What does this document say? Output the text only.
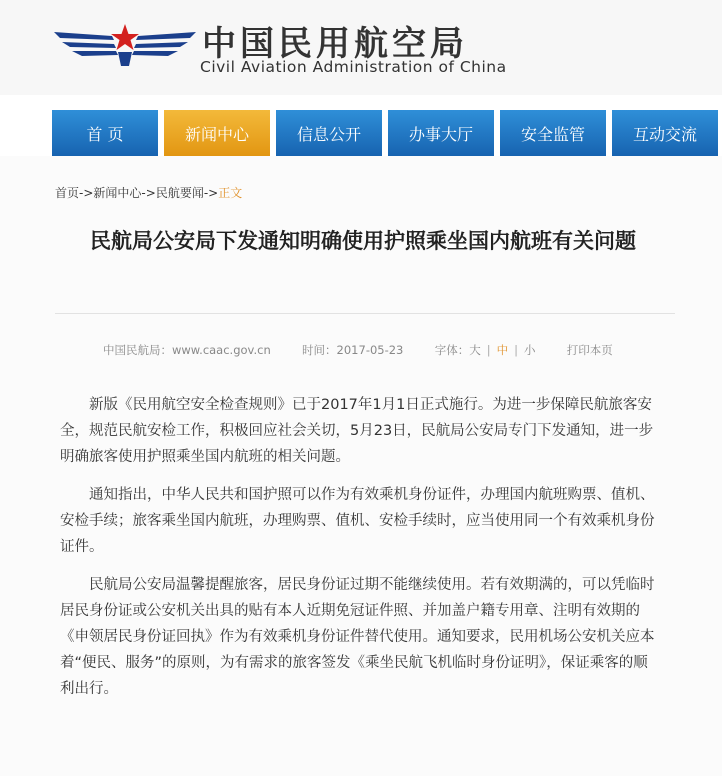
中国民用航空局
Civil Aviation Administration of China
首 页	新闻中心	信息公开	办事大厅	安全监管	互动交流
首页->新闻中心->民航要闻->正文
民航局公安局下发通知明确使用护照乘坐国内航班有关问题
中国民航局：www.caac.gov.cn	时间：2017-05-23	字体：大 | 中 | 小	打印本页

新版《民用航空安全检查规则》已于2017年1月1日正式施行。为进一步保障民航旅客安全，规范民航安检工作，积极回应社会关切，5月23日，民航局公安局专门下发通知，进一步明确旅客使用护照乘坐国内航班的相关问题。

通知指出，中华人民共和国护照可以作为有效乘机身份证件，办理国内航班购票、值机、安检手续；旅客乘坐国内航班，办理购票、值机、安检手续时，应当使用同一个有效乘机身份证件。

民航局公安局温馨提醒旅客，居民身份证过期不能继续使用。若有效期满的，可以凭临时居民身份证或公安机关出具的贴有本人近期免冠证件照、并加盖户籍专用章、注明有效期的《申领居民身份证回执》作为有效乘机身份证件替代使用。通知要求，民用机场公安机关应本着“便民、服务”的原则，为有需求的旅客签发《乘坐民航飞机临时身份证明》，保证乘客的顺利出行。
